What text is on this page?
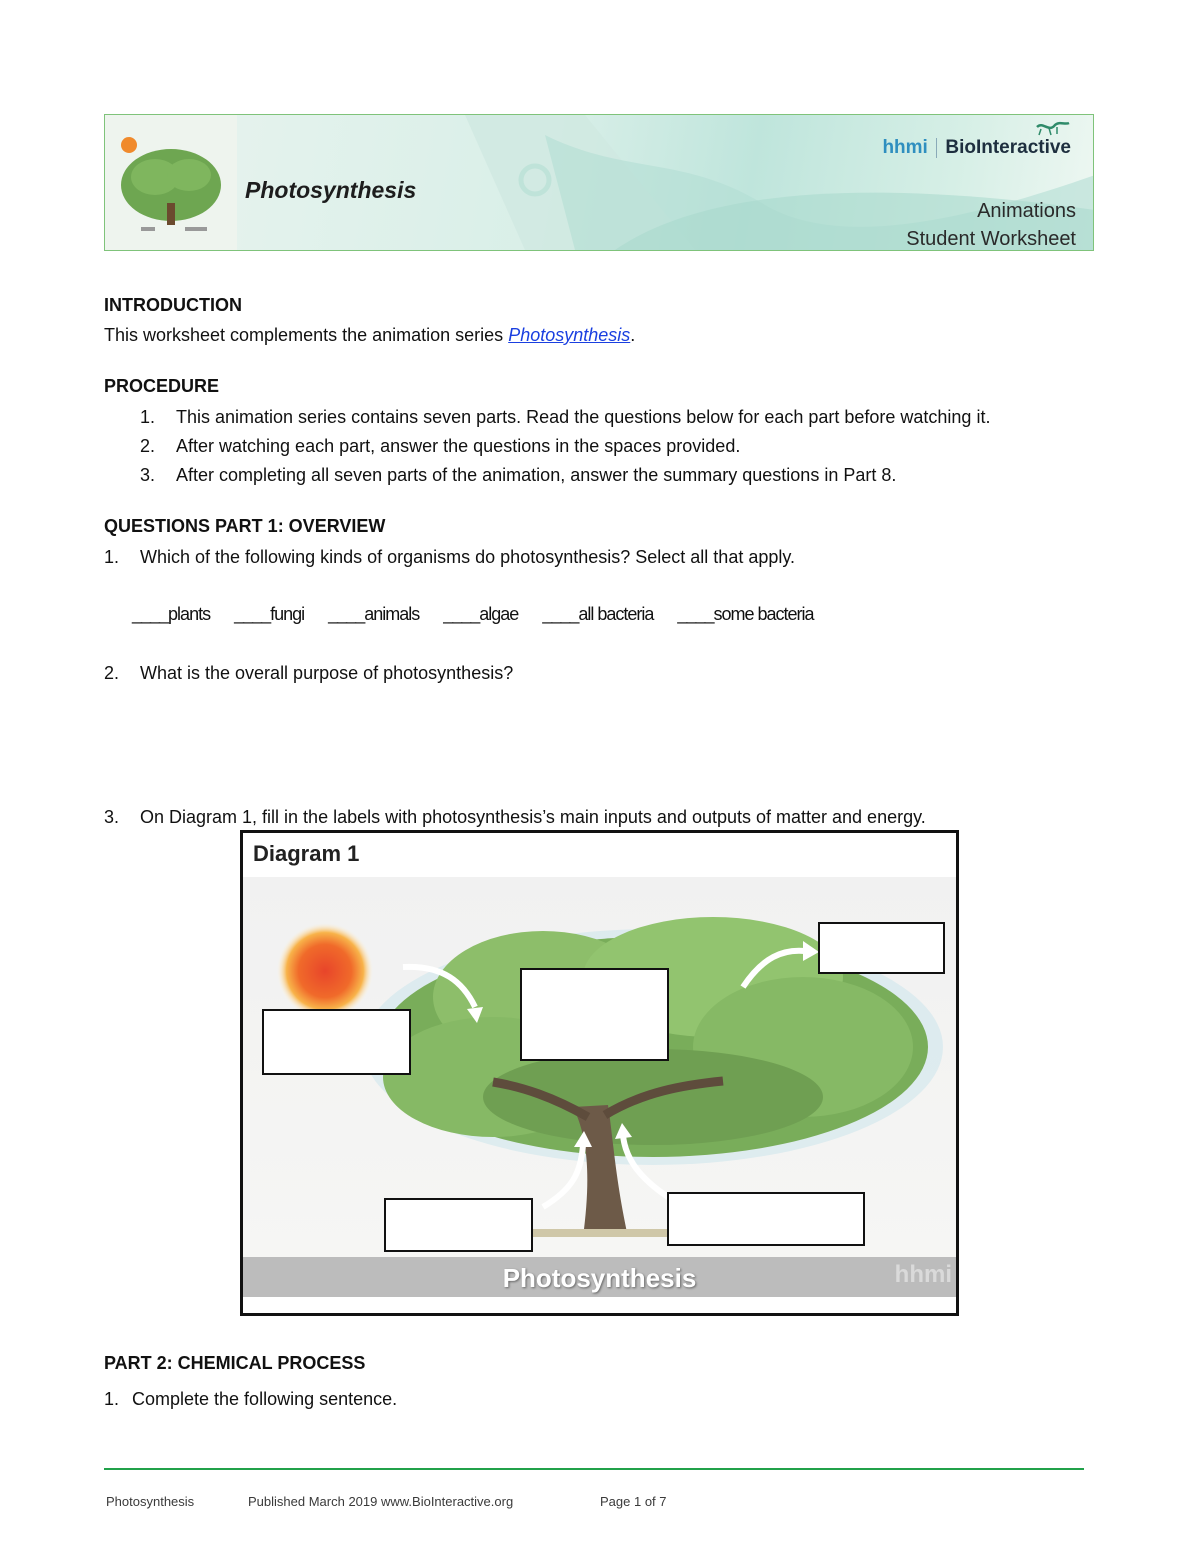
Photosynthesis
hhmi BioInteractive
Animations
Student Worksheet
INTRODUCTION
This worksheet complements the animation series Photosynthesis.
PROCEDURE
1. This animation series contains seven parts. Read the questions below for each part before watching it.
2. After watching each part, answer the questions in the spaces provided.
3. After completing all seven parts of the animation, answer the summary questions in Part 8.
QUESTIONS PART 1: OVERVIEW
1. Which of the following kinds of organisms do photosynthesis? Select all that apply.
____plants ____fungi ____animals ____algae ____all bacteria ____some bacteria
2. What is the overall purpose of photosynthesis?
3. On Diagram 1, fill in the labels with photosynthesis’s main inputs and outputs of matter and energy.
Diagram 1
Photosynthesis	hhmi
PART 2: CHEMICAL PROCESS
1. Complete the following sentence.
Photosynthesis	Published March 2019 www.BioInteractive.org	Page 1 of 7
